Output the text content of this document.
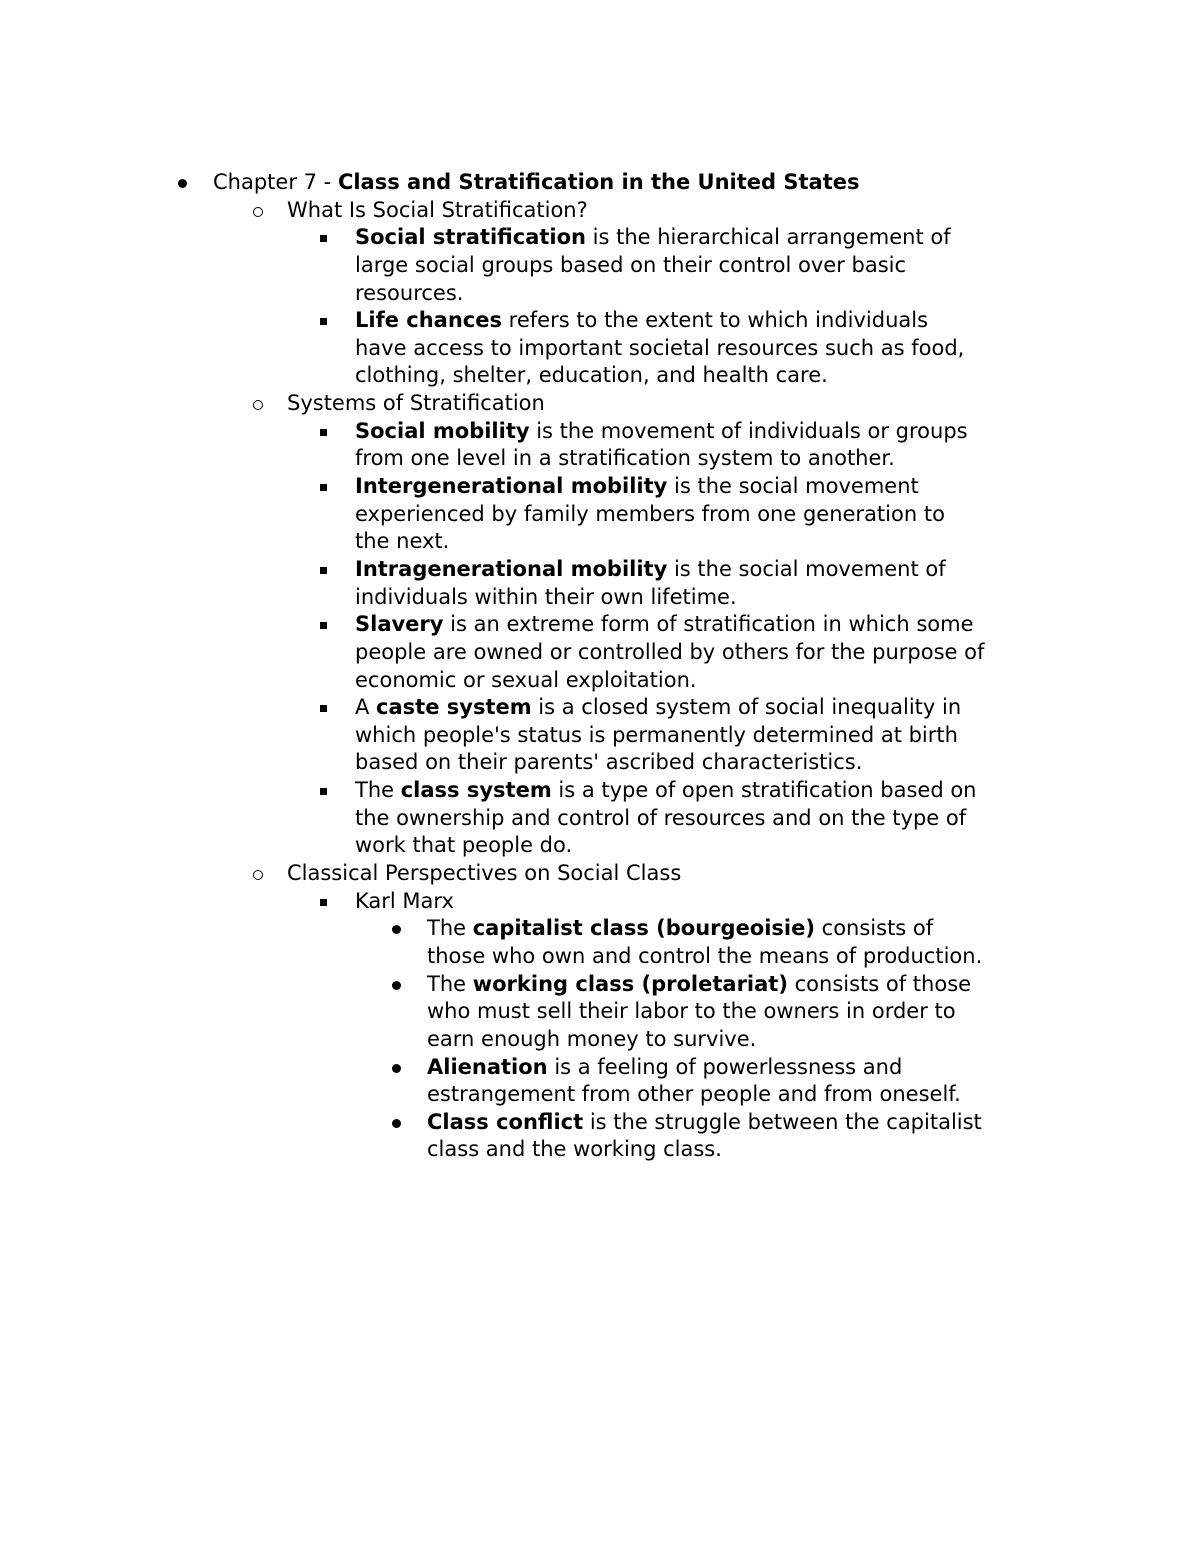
Chapter 7 - Class and Stratification in the United States
What Is Social Stratification?
Social stratification is the hierarchical arrangement of
large social groups based on their control over basic
resources.
Life chances refers to the extent to which individuals
have access to important societal resources such as food,
clothing, shelter, education, and health care.
Systems of Stratification
Social mobility is the movement of individuals or groups
from one level in a stratification system to another.
Intergenerational mobility is the social movement
experienced by family members from one generation to
the next.
Intragenerational mobility is the social movement of
individuals within their own lifetime.
Slavery is an extreme form of stratification in which some
people are owned or controlled by others for the purpose of
economic or sexual exploitation.
A caste system is a closed system of social inequality in
which people's status is permanently determined at birth
based on their parents' ascribed characteristics.
The class system is a type of open stratification based on
the ownership and control of resources and on the type of
work that people do.
Classical Perspectives on Social Class
Karl Marx
The capitalist class (bourgeoisie) consists of
those who own and control the means of production.
The working class (proletariat) consists of those
who must sell their labor to the owners in order to
earn enough money to survive.
Alienation is a feeling of powerlessness and
estrangement from other people and from oneself.
Class conflict is the struggle between the capitalist
class and the working class.
